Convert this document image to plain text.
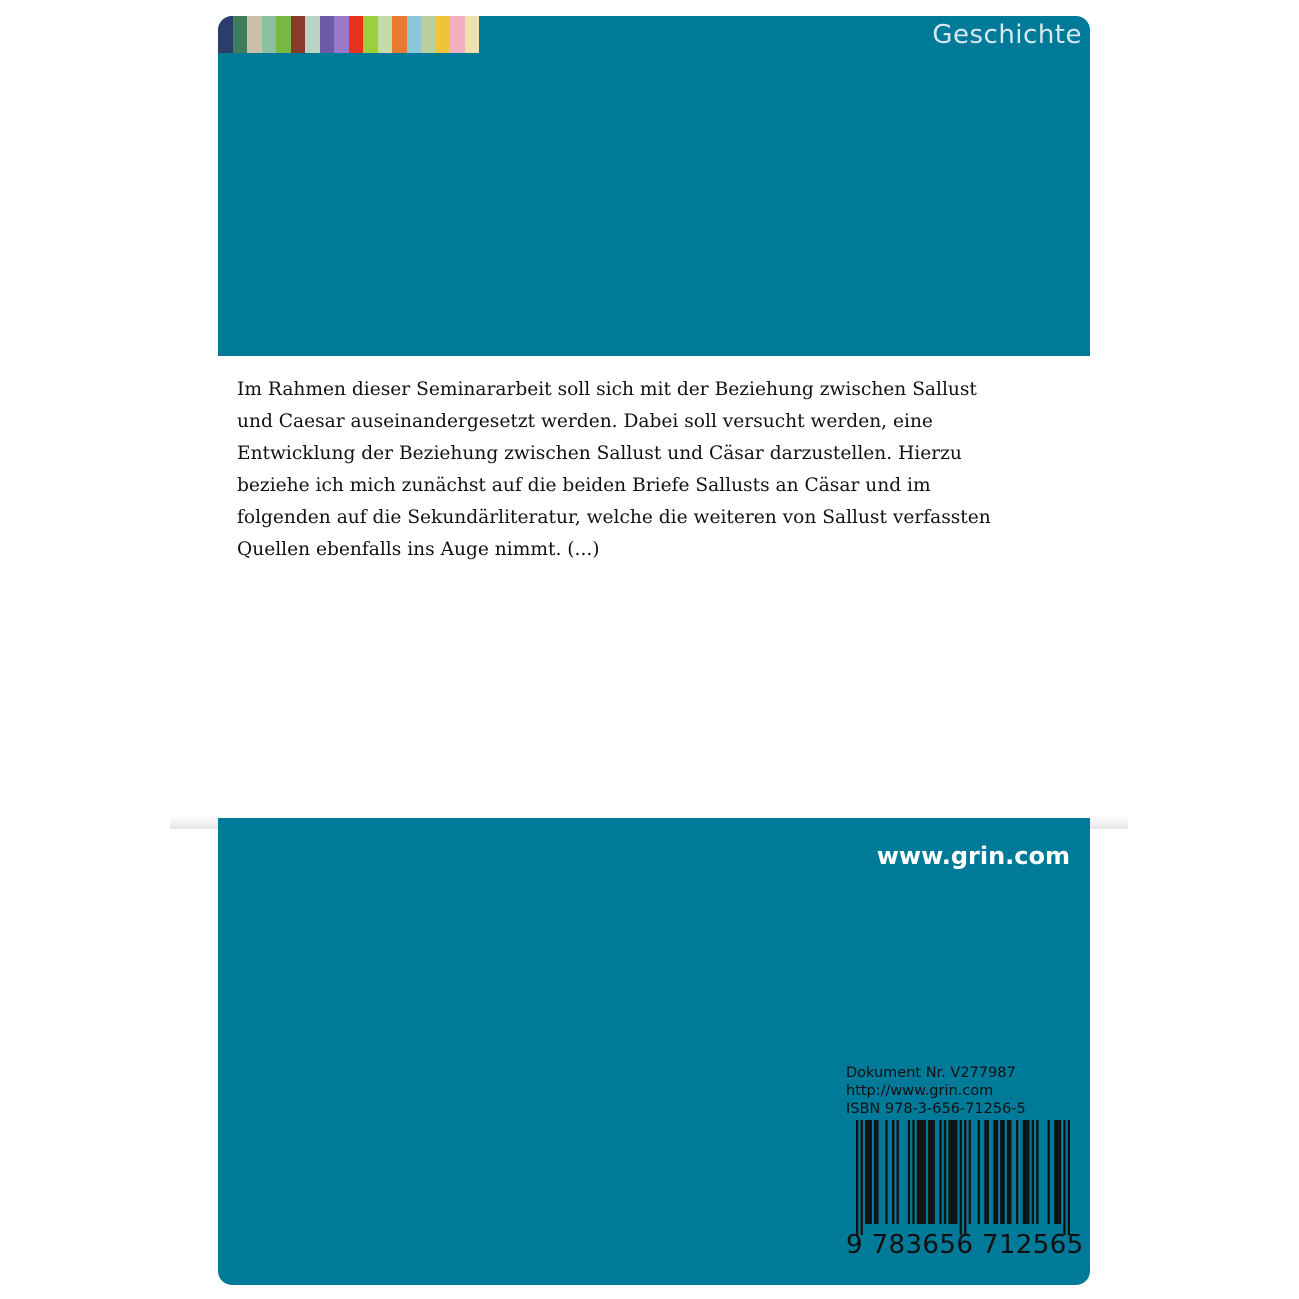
Geschichte
Im Rahmen dieser Seminararbeit soll sich mit der Beziehung zwischen Sallust
und Caesar auseinandergesetzt werden. Dabei soll versucht werden, eine
Entwicklung der Beziehung zwischen Sallust und Cäsar darzustellen. Hierzu
beziehe ich mich zunächst auf die beiden Briefe Sallusts an Cäsar und im
folgenden auf die Sekundärliteratur, welche die weiteren von Sallust verfassten
Quellen ebenfalls ins Auge nimmt. (...)
www.grin.com
Dokument Nr. V277987
http://www.grin.com
ISBN 978-3-656-71256-5
9 783656 712565
